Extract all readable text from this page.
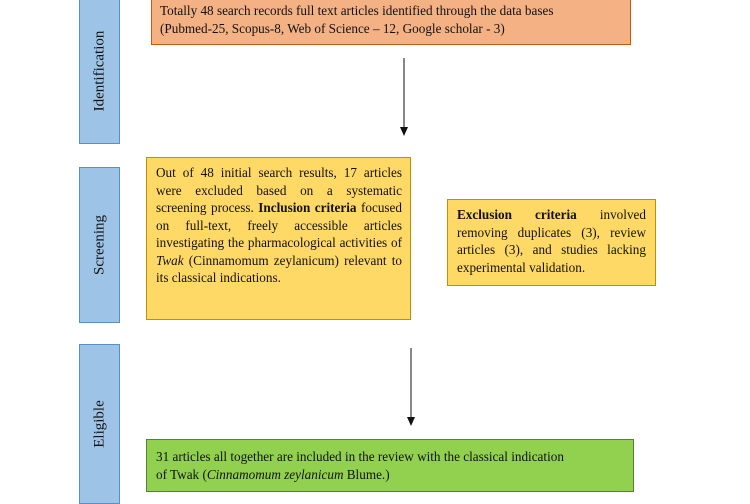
Identification
Screening
Eligible
Totally 48 search records full text articles identified through the data bases
(Pubmed-25, Scopus-8, Web of Science – 12, Google scholar - 3)
Out of 48 initial search results, 17 articles were excluded based on a systematic screening process. Inclusion criteria focused on full-text, freely accessible articles investigating the pharmacological activities of Twak (Cinnamomum zeylanicum) relevant to its classical indications.
Exclusion criteria involved removing duplicates (3), review articles (3), and studies lacking experimental validation.
31 articles all together are included in the review with the classical indication
of Twak (Cinnamomum zeylanicum Blume.)
